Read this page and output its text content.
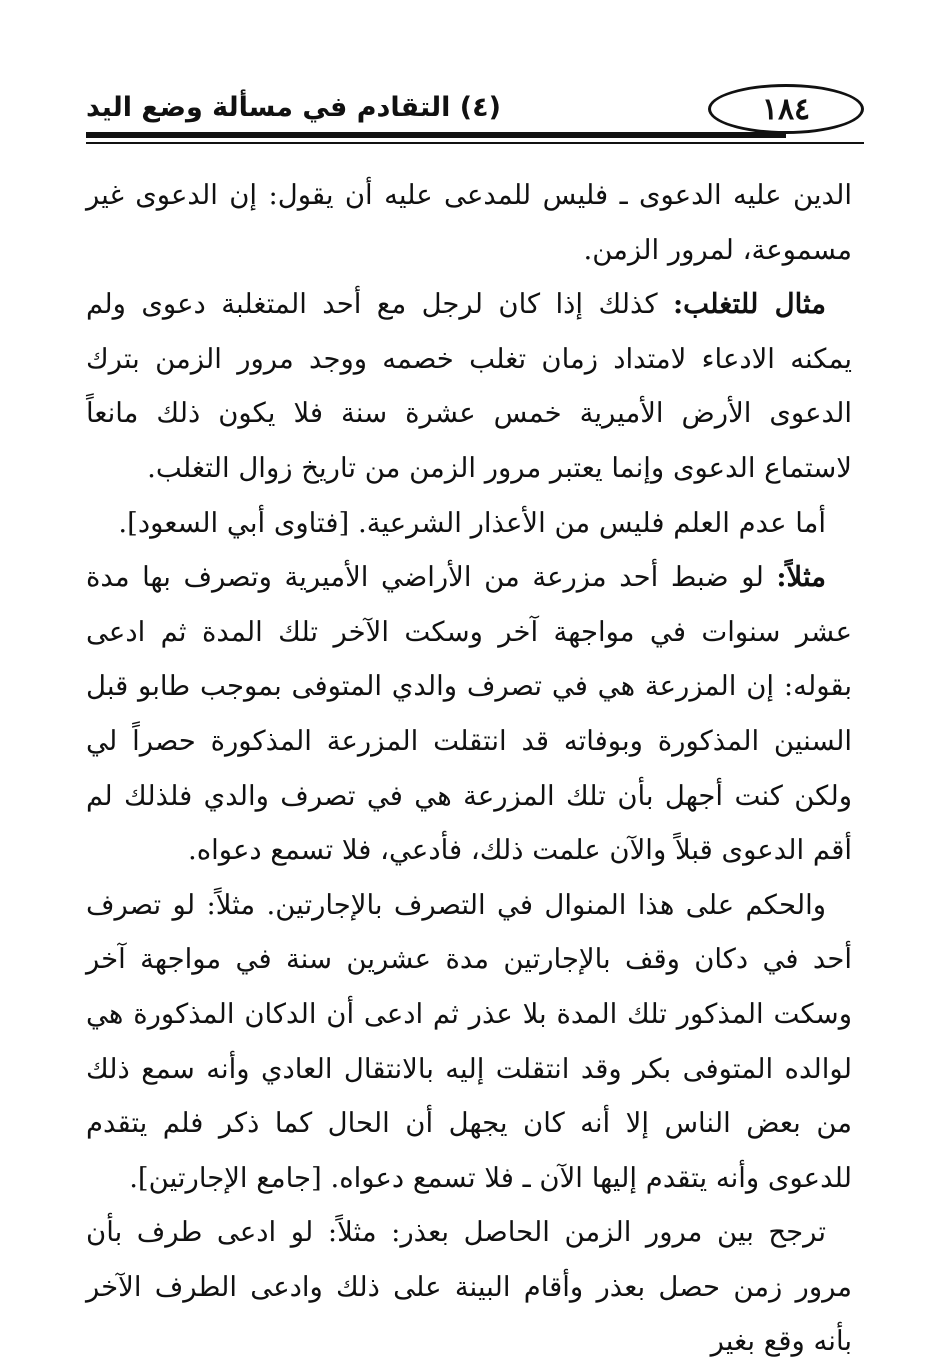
١٨٤
(٤) التقادم في مسألة وضع اليد

الدين عليه الدعوى ـ فليس للمدعى عليه أن يقول: إن الدعوى غير مسموعة، لمرور الزمن.

مثال للتغلب: كذلك إذا كان لرجل مع أحد المتغلبة دعوى ولم يمكنه الادعاء لامتداد زمان تغلب خصمه ووجد مرور الزمن بترك الدعوى الأرض الأميرية خمس عشرة سنة فلا يكون ذلك مانعاً لاستماع الدعوى وإنما يعتبر مرور الزمن من تاريخ زوال التغلب.

أما عدم العلم فليس من الأعذار الشرعية. [فتاوى أبي السعود].

مثلاً: لو ضبط أحد مزرعة من الأراضي الأميرية وتصرف بها مدة عشر سنوات في مواجهة آخر وسكت الآخر تلك المدة ثم ادعى بقوله: إن المزرعة هي في تصرف والدي المتوفى بموجب طابو قبل السنين المذكورة وبوفاته قد انتقلت المزرعة المذكورة حصراً لي ولكن كنت أجهل بأن تلك المزرعة هي في تصرف والدي فلذلك لم أقم الدعوى قبلاً والآن علمت ذلك، فأدعي، فلا تسمع دعواه.

والحكم على هذا المنوال في التصرف بالإجارتين. مثلاً: لو تصرف أحد في دكان وقف بالإجارتين مدة عشرين سنة في مواجهة آخر وسكت المذكور تلك المدة بلا عذر ثم ادعى أن الدكان المذكورة هي لوالده المتوفى بكر وقد انتقلت إليه بالانتقال العادي وأنه سمع ذلك من بعض الناس إلا أنه كان يجهل أن الحال كما ذكر فلم يتقدم للدعوى وأنه يتقدم إليها الآن ـ فلا تسمع دعواه. [جامع الإجارتين].

ترجح بين مرور الزمن الحاصل بعذر: مثلاً: لو ادعى طرف بأن مرور زمن حصل بعذر وأقام البينة على ذلك وادعى الطرف الآخر بأنه وقع بغير
